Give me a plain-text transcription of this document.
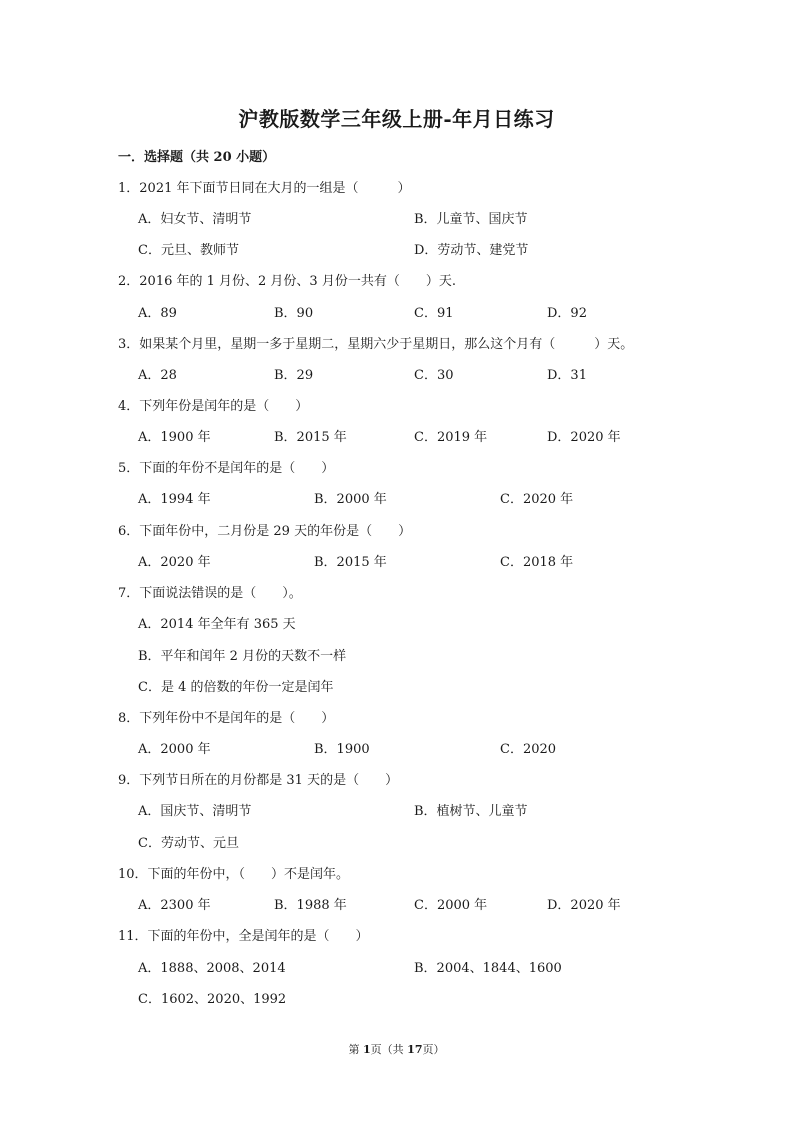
沪教版数学三年级上册-年月日练习
一．选择题（共 20 小题）
1．2021 年下面节日同在大月的一组是（　　　）
A．妇女节、清明节	B．儿童节、国庆节
C．元旦、教师节	D．劳动节、建党节
2．2016 年的 1 月份、2 月份、3 月份一共有（　　）天.
A．89	B．90	C．91	D．92
3．如果某个月里，星期一多于星期二，星期六少于星期日，那么这个月有（　　　）天。
A．28	B．29	C．30	D．31
4．下列年份是闰年的是（　　）
A．1900 年	B．2015 年	C．2019 年	D．2020 年
5．下面的年份不是闰年的是（　　）
A．1994 年	B．2000 年	C．2020 年
6．下面年份中，二月份是 29 天的年份是（　　）
A．2020 年	B．2015 年	C．2018 年
7．下面说法错误的是（　　）。
A．2014 年全年有 365 天
B．平年和闰年 2 月份的天数不一样
C．是 4 的倍数的年份一定是闰年
8．下列年份中不是闰年的是（　　）
A．2000 年	B．1900	C．2020
9．下列节日所在的月份都是 31 天的是（　　）
A．国庆节、清明节	B．植树节、儿童节
C．劳动节、元旦
10．下面的年份中，（　　）不是闰年。
A．2300 年	B．1988 年	C．2000 年	D．2020 年
11．下面的年份中，全是闰年的是（　　）
A．1888、2008、2014	B．2004、1844、1600
C．1602、2020、1992
第 1页（共 17页）
